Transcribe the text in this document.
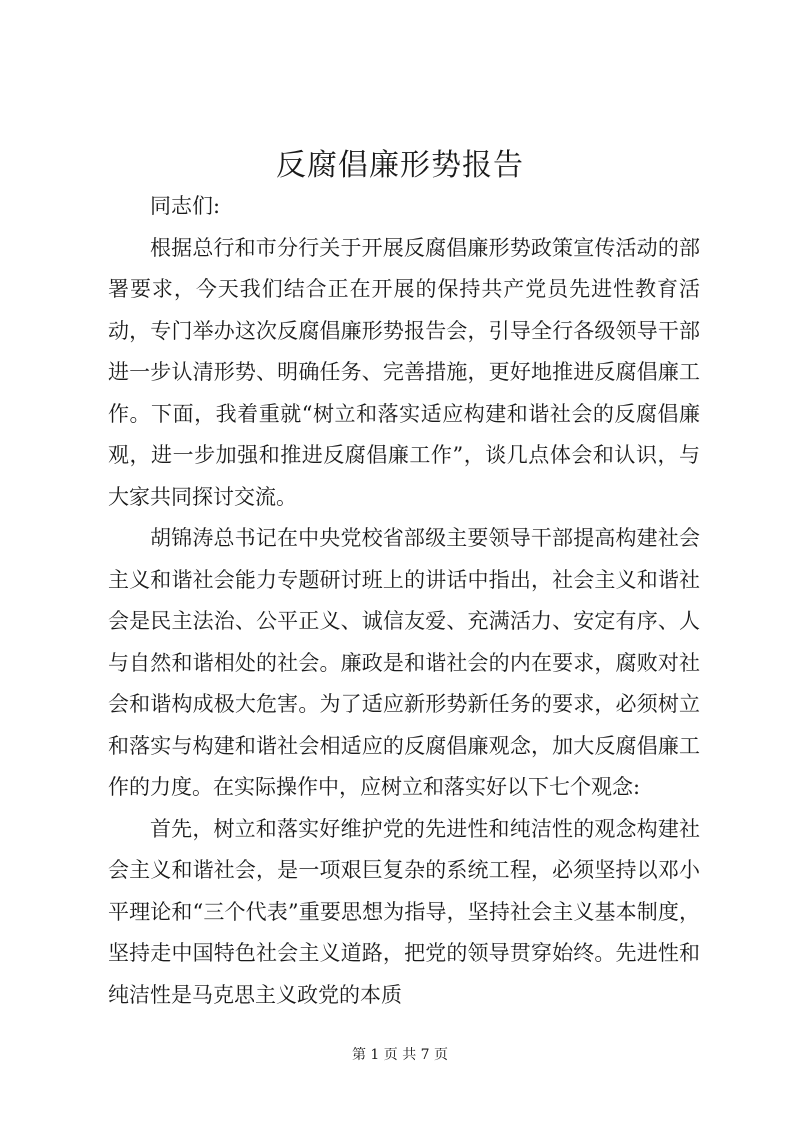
反腐倡廉形势报告

同志们:

根据总行和市分行关于开展反腐倡廉形势政策宣传活动的部署要求，今天我们结合正在开展的保持共产党员先进性教育活动，专门举办这次反腐倡廉形势报告会，引导全行各级领导干部进一步认清形势、明确任务、完善措施，更好地推进反腐倡廉工作。下面，我着重就“树立和落实适应构建和谐社会的反腐倡廉观，进一步加强和推进反腐倡廉工作”，谈几点体会和认识，与大家共同探讨交流。

胡锦涛总书记在中央党校省部级主要领导干部提高构建社会主义和谐社会能力专题研讨班上的讲话中指出，社会主义和谐社会是民主法治、公平正义、诚信友爱、充满活力、安定有序、人与自然和谐相处的社会。廉政是和谐社会的内在要求，腐败对社会和谐构成极大危害。为了适应新形势新任务的要求，必须树立和落实与构建和谐社会相适应的反腐倡廉观念，加大反腐倡廉工作的力度。在实际操作中，应树立和落实好以下七个观念:

首先，树立和落实好维护党的先进性和纯洁性的观念构建社会主义和谐社会，是一项艰巨复杂的系统工程，必须坚持以邓小平理论和“三个代表”重要思想为指导，坚持社会主义基本制度，坚持走中国特色社会主义道路，把党的领导贯穿始终。先进性和纯洁性是马克思主义政党的本质

第 1 页 共 7 页
